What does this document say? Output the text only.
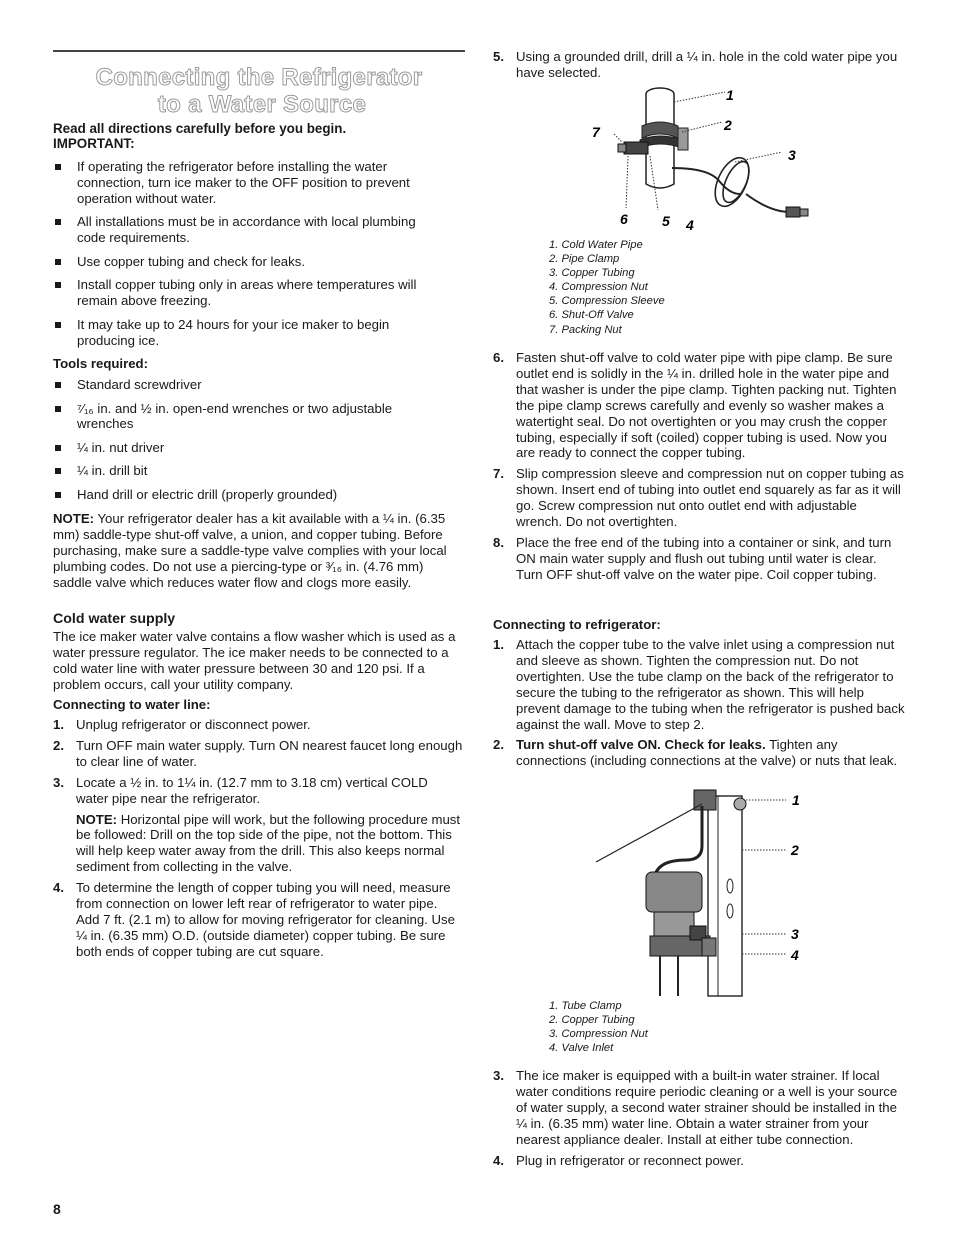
Connecting the Refrigerator
to a Water Source
Read all directions carefully before you begin.
IMPORTANT:
If operating the refrigerator before installing the water connection, turn ice maker to the OFF position to prevent operation without water.
All installations must be in accordance with local plumbing code requirements.
Use copper tubing and check for leaks.
Install copper tubing only in areas where temperatures will remain above freezing.
It may take up to 24 hours for your ice maker to begin producing ice.
Tools required:
Standard screwdriver
⁷⁄₁₆ in. and ½ in. open-end wrenches or two adjustable wrenches
¼ in. nut driver
¼ in. drill bit
Hand drill or electric drill (properly grounded)

NOTE: Your refrigerator dealer has a kit available with a ¼ in. (6.35 mm) saddle-type shut-off valve, a union, and copper tubing. Before purchasing, make sure a saddle-type valve complies with your local plumbing codes. Do not use a piercing-type or ³⁄₁₆ in. (4.76 mm) saddle valve which reduces water flow and clogs more easily.

Cold water supply

The ice maker water valve contains a flow washer which is used as a water pressure regulator. The ice maker needs to be connected to a cold water line with water pressure between 30 and 120 psi. If a problem occurs, call your utility company.

Connecting to water line:
1. Unplug refrigerator or disconnect power.
2. Turn OFF main water supply. Turn ON nearest faucet long enough to clear line of water.
3. Locate a ½ in. to 1¼ in. (12.7 mm to 3.18 cm) vertical COLD water pipe near the refrigerator.
NOTE: Horizontal pipe will work, but the following procedure must be followed: Drill on the top side of the pipe, not the bottom. This will help keep water away from the drill. This also keeps normal sediment from collecting in the valve.
4. To determine the length of copper tubing you will need, measure from connection on lower left rear of refrigerator to water pipe. Add 7 ft. (2.1 m) to allow for moving refrigerator for cleaning. Use ¼ in. (6.35 mm) O.D. (outside diameter) copper tubing. Be sure both ends of copper tubing are cut square.
8
5. Using a grounded drill, drill a ¼ in. hole in the cold water pipe you have selected.
1
2
3
4
5
6
7

1. Cold Water Pipe

2. Pipe Clamp

3. Copper Tubing

4. Compression Nut

5. Compression Sleeve

6. Shut-Off Valve

7. Packing Nut

6. Fasten shut-off valve to cold water pipe with pipe clamp. Be sure outlet end is solidly in the ¼ in. drilled hole in the water pipe and that washer is under the pipe clamp. Tighten packing nut. Tighten the pipe clamp screws carefully and evenly so washer makes a watertight seal. Do not overtighten or you may crush the copper tubing, especially if soft (coiled) copper tubing is used. Now you are ready to connect the copper tubing.
7. Slip compression sleeve and compression nut on copper tubing as shown. Insert end of tubing into outlet end squarely as far as it will go. Screw compression nut onto outlet end with adjustable wrench. Do not overtighten.
8. Place the free end of the tubing into a container or sink, and turn ON main water supply and flush out tubing until water is clear. Turn OFF shut-off valve on the water pipe. Coil copper tubing.
Connecting to refrigerator:
1. Attach the copper tube to the valve inlet using a compression nut and sleeve as shown. Tighten the compression nut. Do not overtighten. Use the tube clamp on the back of the refrigerator to secure the tubing to the refrigerator as shown. This will help prevent damage to the tubing when the refrigerator is pushed back against the wall. Move to step 2.
2. Turn shut-off valve ON. Check for leaks. Tighten any connections (including connections at the valve) or nuts that leak.
1
2
3
4

1. Tube Clamp

2. Copper Tubing

3. Compression Nut

4. Valve Inlet

3. The ice maker is equipped with a built-in water strainer. If local water conditions require periodic cleaning or a well is your source of water supply, a second water strainer should be installed in the ¼ in. (6.35 mm) water line. Obtain a water strainer from your nearest appliance dealer. Install at either tube connection.
4. Plug in refrigerator or reconnect power.
